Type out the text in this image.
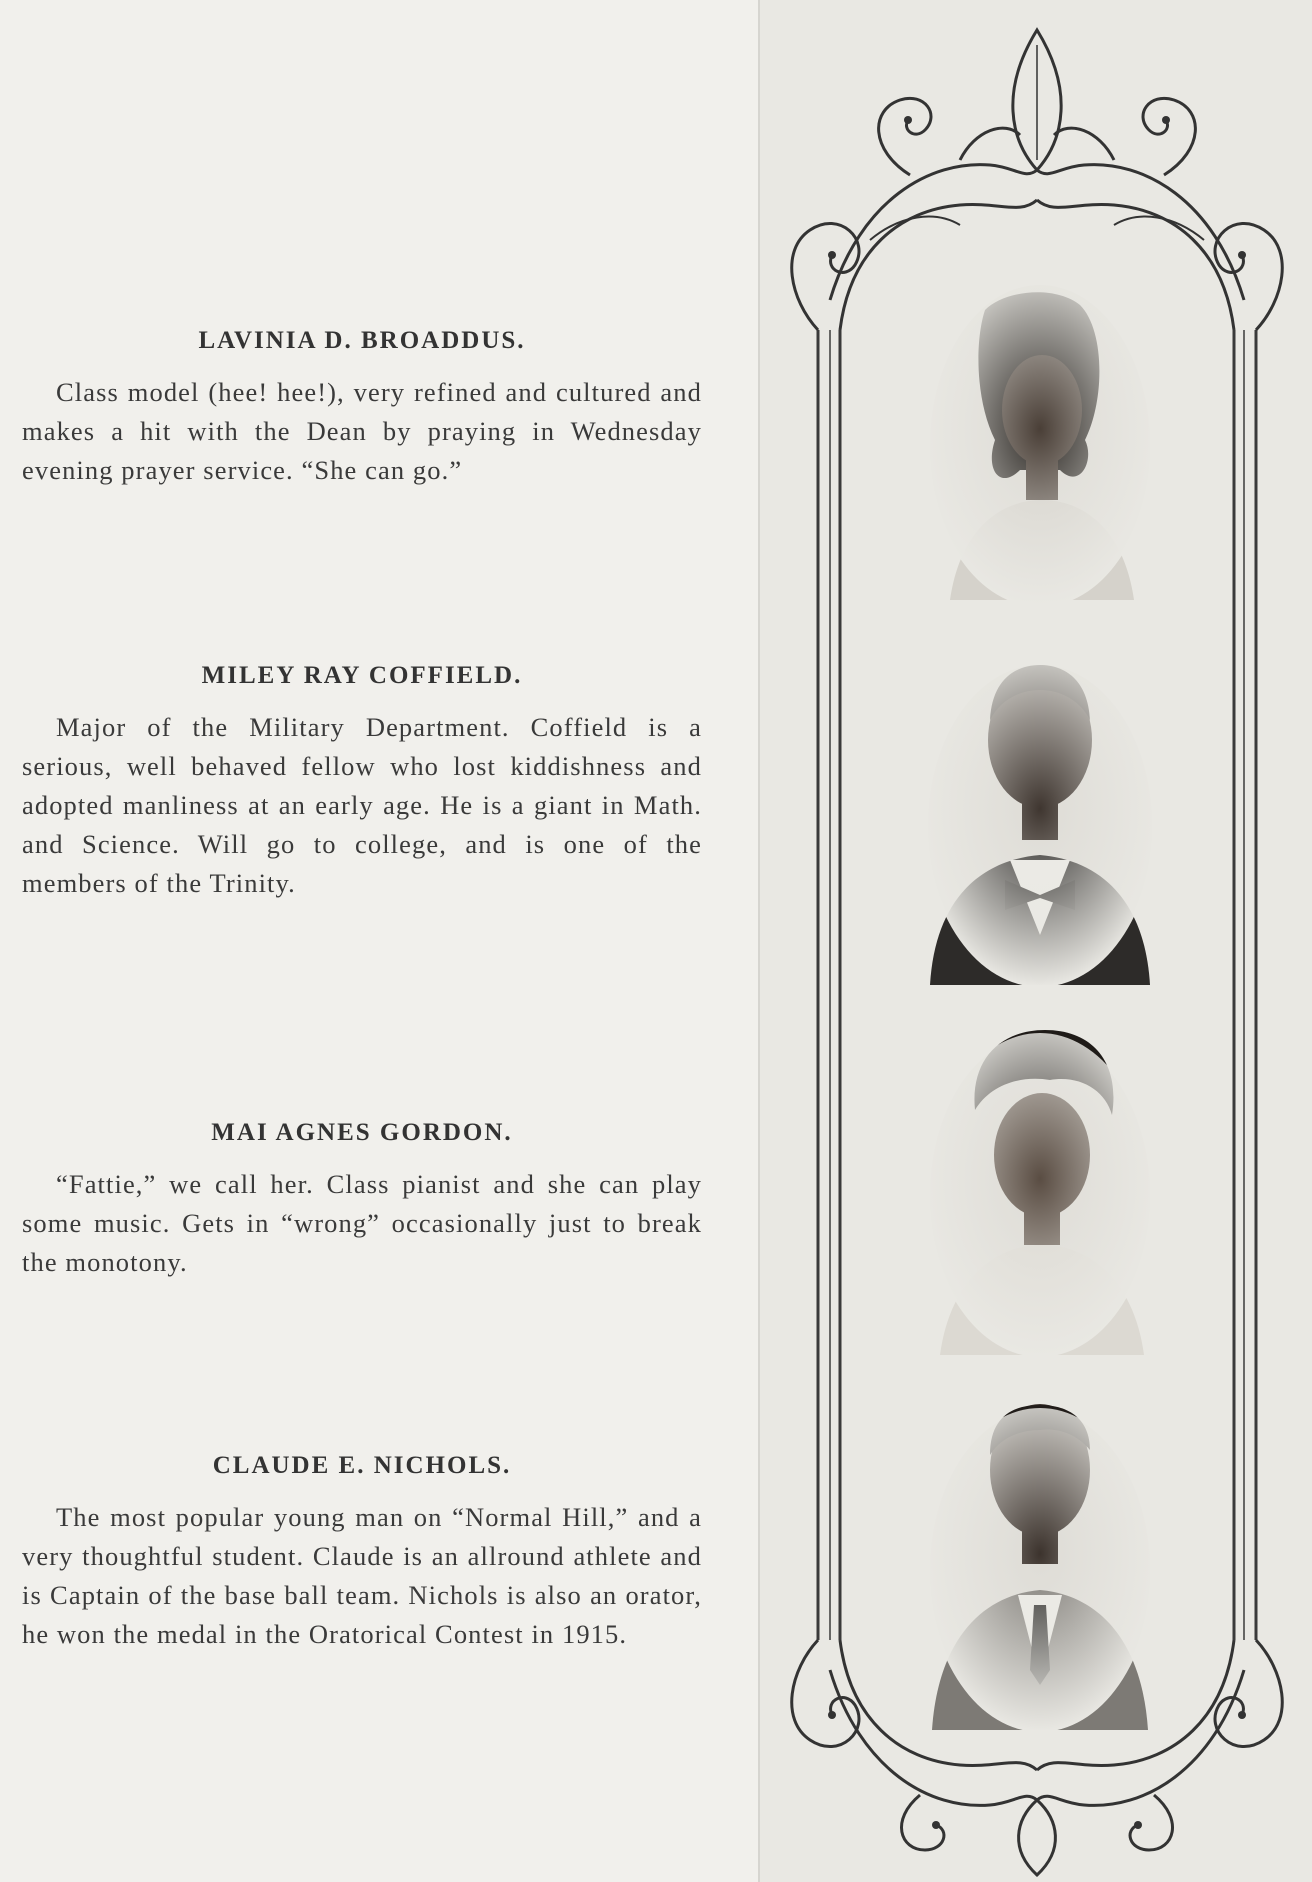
LAVINIA D. BROADDUS.

Class model (hee! hee!), very refined and cultured and makes a hit with the Dean by praying in Wednesday evening prayer service. “She can go.”

MILEY RAY COFFIELD.

Major of the Military Department. Coffield is a serious, well behaved fellow who lost kiddishness and adopted manliness at an early age. He is a giant in Math. and Science. Will go to college, and is one of the members of the Trinity.

MAI AGNES GORDON.

“Fattie,” we call her. Class pianist and she can play some music. Gets in “wrong” occasionally just to break the monotony.

CLAUDE E. NICHOLS.

The most popular young man on “Normal Hill,” and a very thoughtful student. Claude is an allround athlete and is Captain of the base ball team. Nichols is also an orator, he won the medal in the Oratorical Contest in 1915.
